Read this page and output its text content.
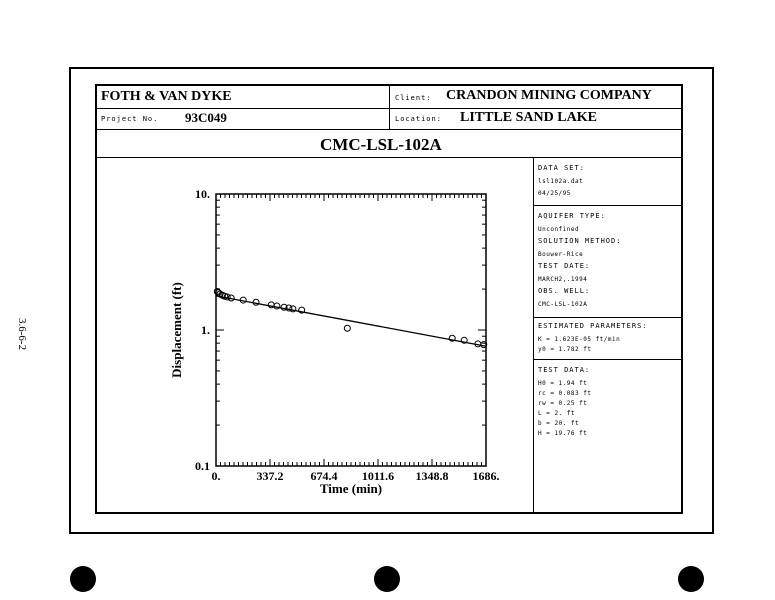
3.6-6-2
FOTH & VAN DYKE	Client: CRANDON MINING COMPANY
Project No. 93C049	Location: LITTLE SAND LAKE
CMC-LSL-102A
DATA SET:
lsl102a.dat
04/25/95
AQUIFER TYPE:
Unconfined
SOLUTION METHOD:
Bouwer-Rice
TEST DATE:
MARCH2,.1994
OBS. WELL:
CMC-LSL-102A
ESTIMATED PARAMETERS:
K = 1.623E-05 ft/min
y0 = 1.782 ft
TEST DATA:
H0 = 1.94 ft
rc = 0.083 ft
rw = 0.25 ft
L = 2. ft
b = 20. ft
H = 19.76 ft
0.	337.2 674.4 1011.6 1348.8 1686.
10.
1.
0.1
Time (min)
Displacement (ft)
